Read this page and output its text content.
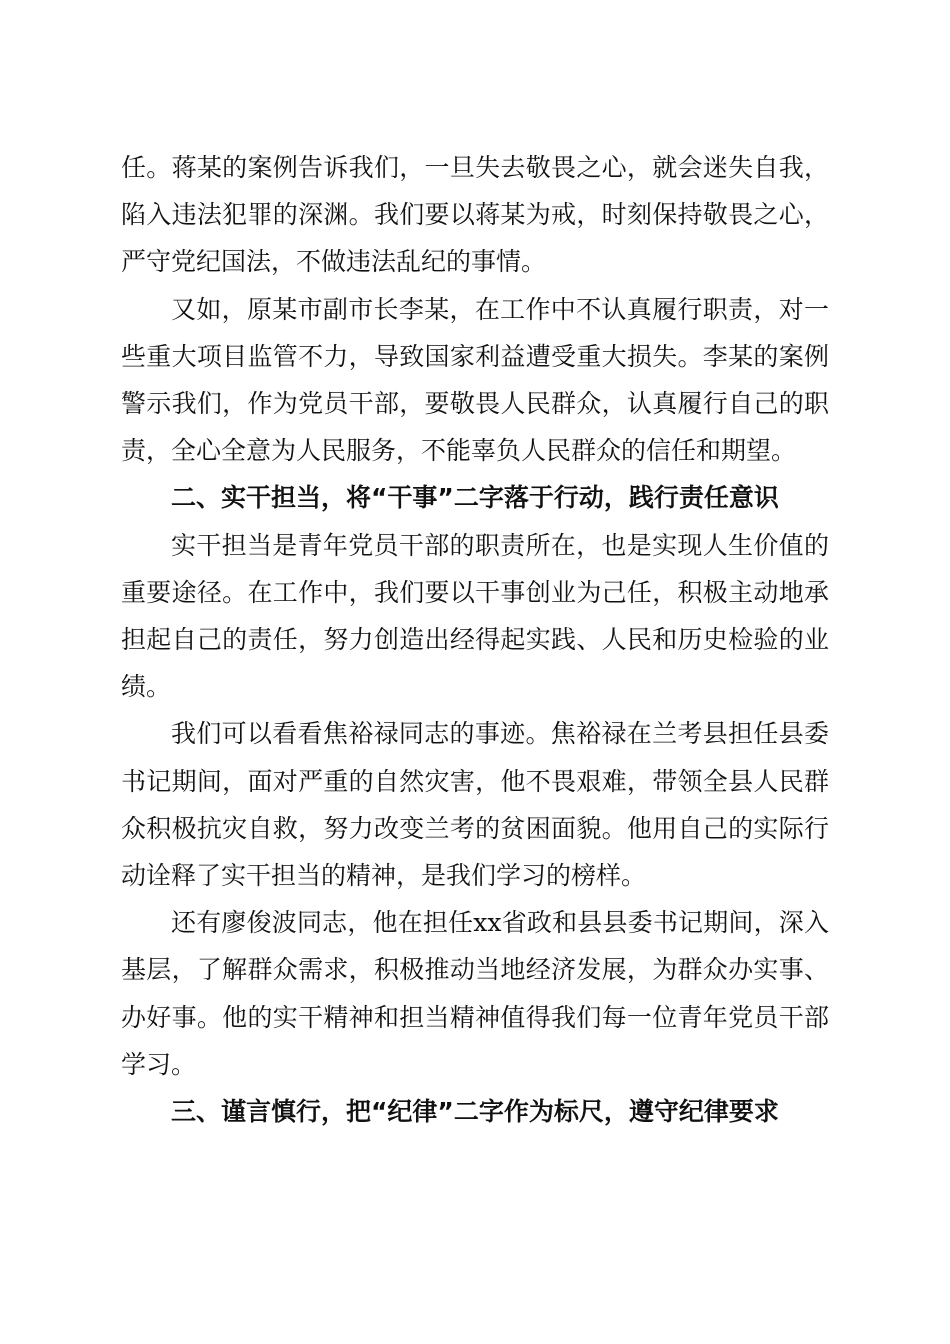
任。蒋某的案例告诉我们，一旦失去敬畏之心，就会迷失自我，陷入违法犯罪的深渊。我们要以蒋某为戒，时刻保持敬畏之心，严守党纪国法，不做违法乱纪的事情。

又如，原某市副市长李某，在工作中不认真履行职责，对一些重大项目监管不力，导致国家利益遭受重大损失。李某的案例警示我们，作为党员干部，要敬畏人民群众，认真履行自己的职责，全心全意为人民服务，不能辜负人民群众的信任和期望。

二、实干担当，将“干事”二字落于行动，践行责任意识

实干担当是青年党员干部的职责所在，也是实现人生价值的重要途径。在工作中，我们要以干事创业为己任，积极主动地承担起自己的责任，努力创造出经得起实践、人民和历史检验的业绩。

我们可以看看焦裕禄同志的事迹。焦裕禄在兰考县担任县委书记期间，面对严重的自然灾害，他不畏艰难，带领全县人民群众积极抗灾自救，努力改变兰考的贫困面貌。他用自己的实际行动诠释了实干担当的精神，是我们学习的榜样。

还有廖俊波同志，他在担任xx省政和县县委书记期间，深入基层，了解群众需求，积极推动当地经济发展，为群众办实事、办好事。他的实干精神和担当精神值得我们每一位青年党员干部学习。

三、谨言慎行，把“纪律”二字作为标尺，遵守纪律要求
